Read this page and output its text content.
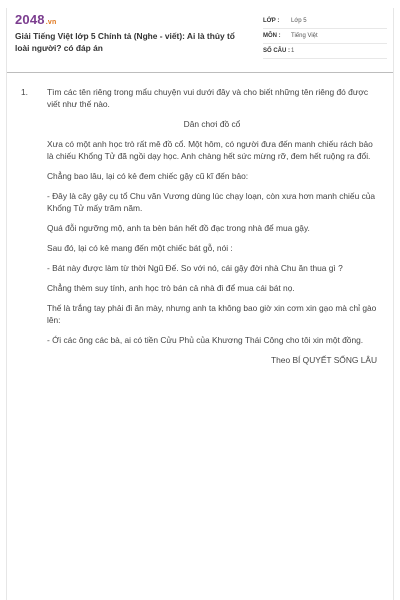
2048.vn
Giải Tiếng Việt lớp 5 Chính tả (Nghe - viết): Ai là thủy tổ loài người? có đáp án
LỚP :	Lớp 5
MÔN :	Tiếng Việt
SỐ CÂU : 1
1. Tìm các tên riêng trong mẩu chuyện vui dưới đây và cho biết những tên riêng đó được viết như thế nào.

Dân chơi đồ cổ

Xưa có một anh học trò rất mê đồ cổ. Một hôm, có người đưa đến manh chiếu rách bảo là chiếu Khổng Tử đã ngồi dạy học. Anh chàng hết sức mừng rỡ, đem hết ruộng ra đổi.

Chẳng bao lâu, lại có kẻ đem chiếc gậy cũ kĩ đến bảo:

- Đây là cây gậy cụ tổ Chu văn Vương dùng lúc chạy loạn, còn xưa hơn manh chiếu của Khổng Tử mấy trăm năm.

Quá đỗi ngưỡng mộ, anh ta bèn bán hết đồ đạc trong nhà để mua gậy.

Sau đó, lại có kẻ mang đến một chiếc bát gỗ, nói :

- Bát này được làm từ thời Ngũ Đế. So với nó, cái gậy đời nhà Chu ăn thua gì ?

Chẳng thèm suy tính, anh học trò bán cả nhà đi để mua cái bát nọ.

Thế là trắng tay phải đi ăn mày, nhưng anh ta không bao giờ xin cơm xin gạo mà chỉ gào lên:

- Ới các ông các bà, ai có tiền Cửu Phủ của Khương Thái Công cho tôi xin một đồng.

Theo BÍ QUYẾT SỐNG LÂU
